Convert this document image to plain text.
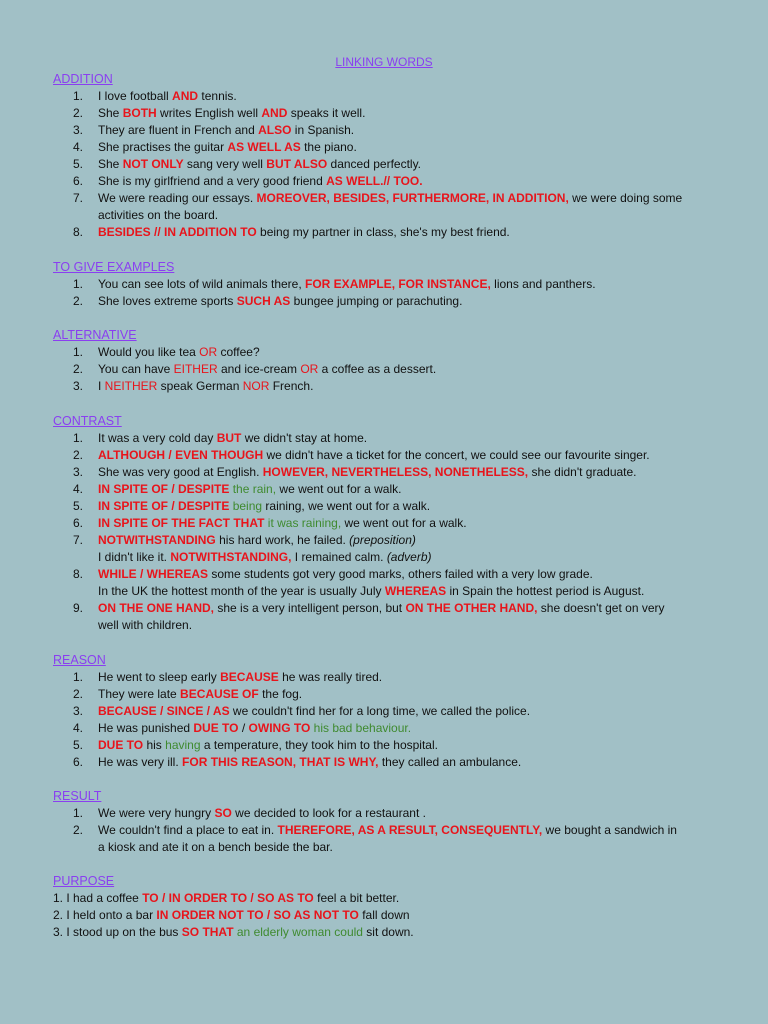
LINKING WORDS
ADDITION
1.	I love football AND tennis.
2.	She BOTH writes English well AND speaks it well.
3.	They are fluent in French and ALSO in Spanish.
4.	She practises the guitar AS WELL AS the piano.
5.	She NOT ONLY sang very well BUT ALSO danced perfectly.
6.	She is my girlfriend and a very good friend AS WELL.// TOO.
7.	We were reading our essays. MOREOVER, BESIDES, FURTHERMORE, IN ADDITION, we were doing some
activities on the board.
8.	BESIDES // IN ADDITION TO being my partner in class, she's my best friend.
TO GIVE EXAMPLES
1.	You can see lots of wild animals there, FOR EXAMPLE, FOR INSTANCE, lions and panthers.
2.	She loves extreme sports SUCH AS bungee jumping or parachuting.
ALTERNATIVE
1.	Would you like tea OR coffee?
2.	You can have EITHER and ice-cream OR a coffee as a dessert.
3.	I NEITHER speak German NOR French.
CONTRAST
1.	It was a very cold day BUT we didn't stay at home.
2.	ALTHOUGH / EVEN THOUGH we didn't have a ticket for the concert, we could see our favourite singer.
3.	She was very good at English. HOWEVER, NEVERTHELESS, NONETHELESS, she didn't graduate.
4.	IN SPITE OF / DESPITE the rain, we went out for a walk.
5.	IN SPITE OF / DESPITE being raining, we went out for a walk.
6.	IN SPITE OF THE FACT THAT it was raining, we went out for a walk.
7.	NOTWITHSTANDING his hard work, he failed. (preposition)
I didn't like it. NOTWITHSTANDING, I remained calm. (adverb)
8.	WHILE / WHEREAS some students got very good marks, others failed with a very low grade.
In the UK the hottest month of the year is usually July WHEREAS in Spain the hottest period is August.
9.	ON THE ONE HAND, she is a very intelligent person, but ON THE OTHER HAND, she doesn't get on very
well with children.
REASON
1.	He went to sleep early BECAUSE he was really tired.
2.	They were late BECAUSE OF the fog.
3.	BECAUSE / SINCE / AS we couldn't find her for a long time, we called the police.
4.	He was punished DUE TO / OWING TO his bad behaviour.
5.	DUE TO his having a temperature, they took him to the hospital.
6.	He was very ill. FOR THIS REASON, THAT IS WHY, they called an ambulance.
RESULT
1.	We were very hungry SO we decided to look for a restaurant .
2.	We couldn't find a place to eat in. THEREFORE, AS A RESULT, CONSEQUENTLY, we bought a sandwich in
a kiosk and ate it on a bench beside the bar.
PURPOSE
1. I had a coffee TO / IN ORDER TO / SO AS TO feel a bit better.
2. I held onto a bar IN ORDER NOT TO / SO AS NOT TO fall down
3. I stood up on the bus SO THAT an elderly woman could sit down.
